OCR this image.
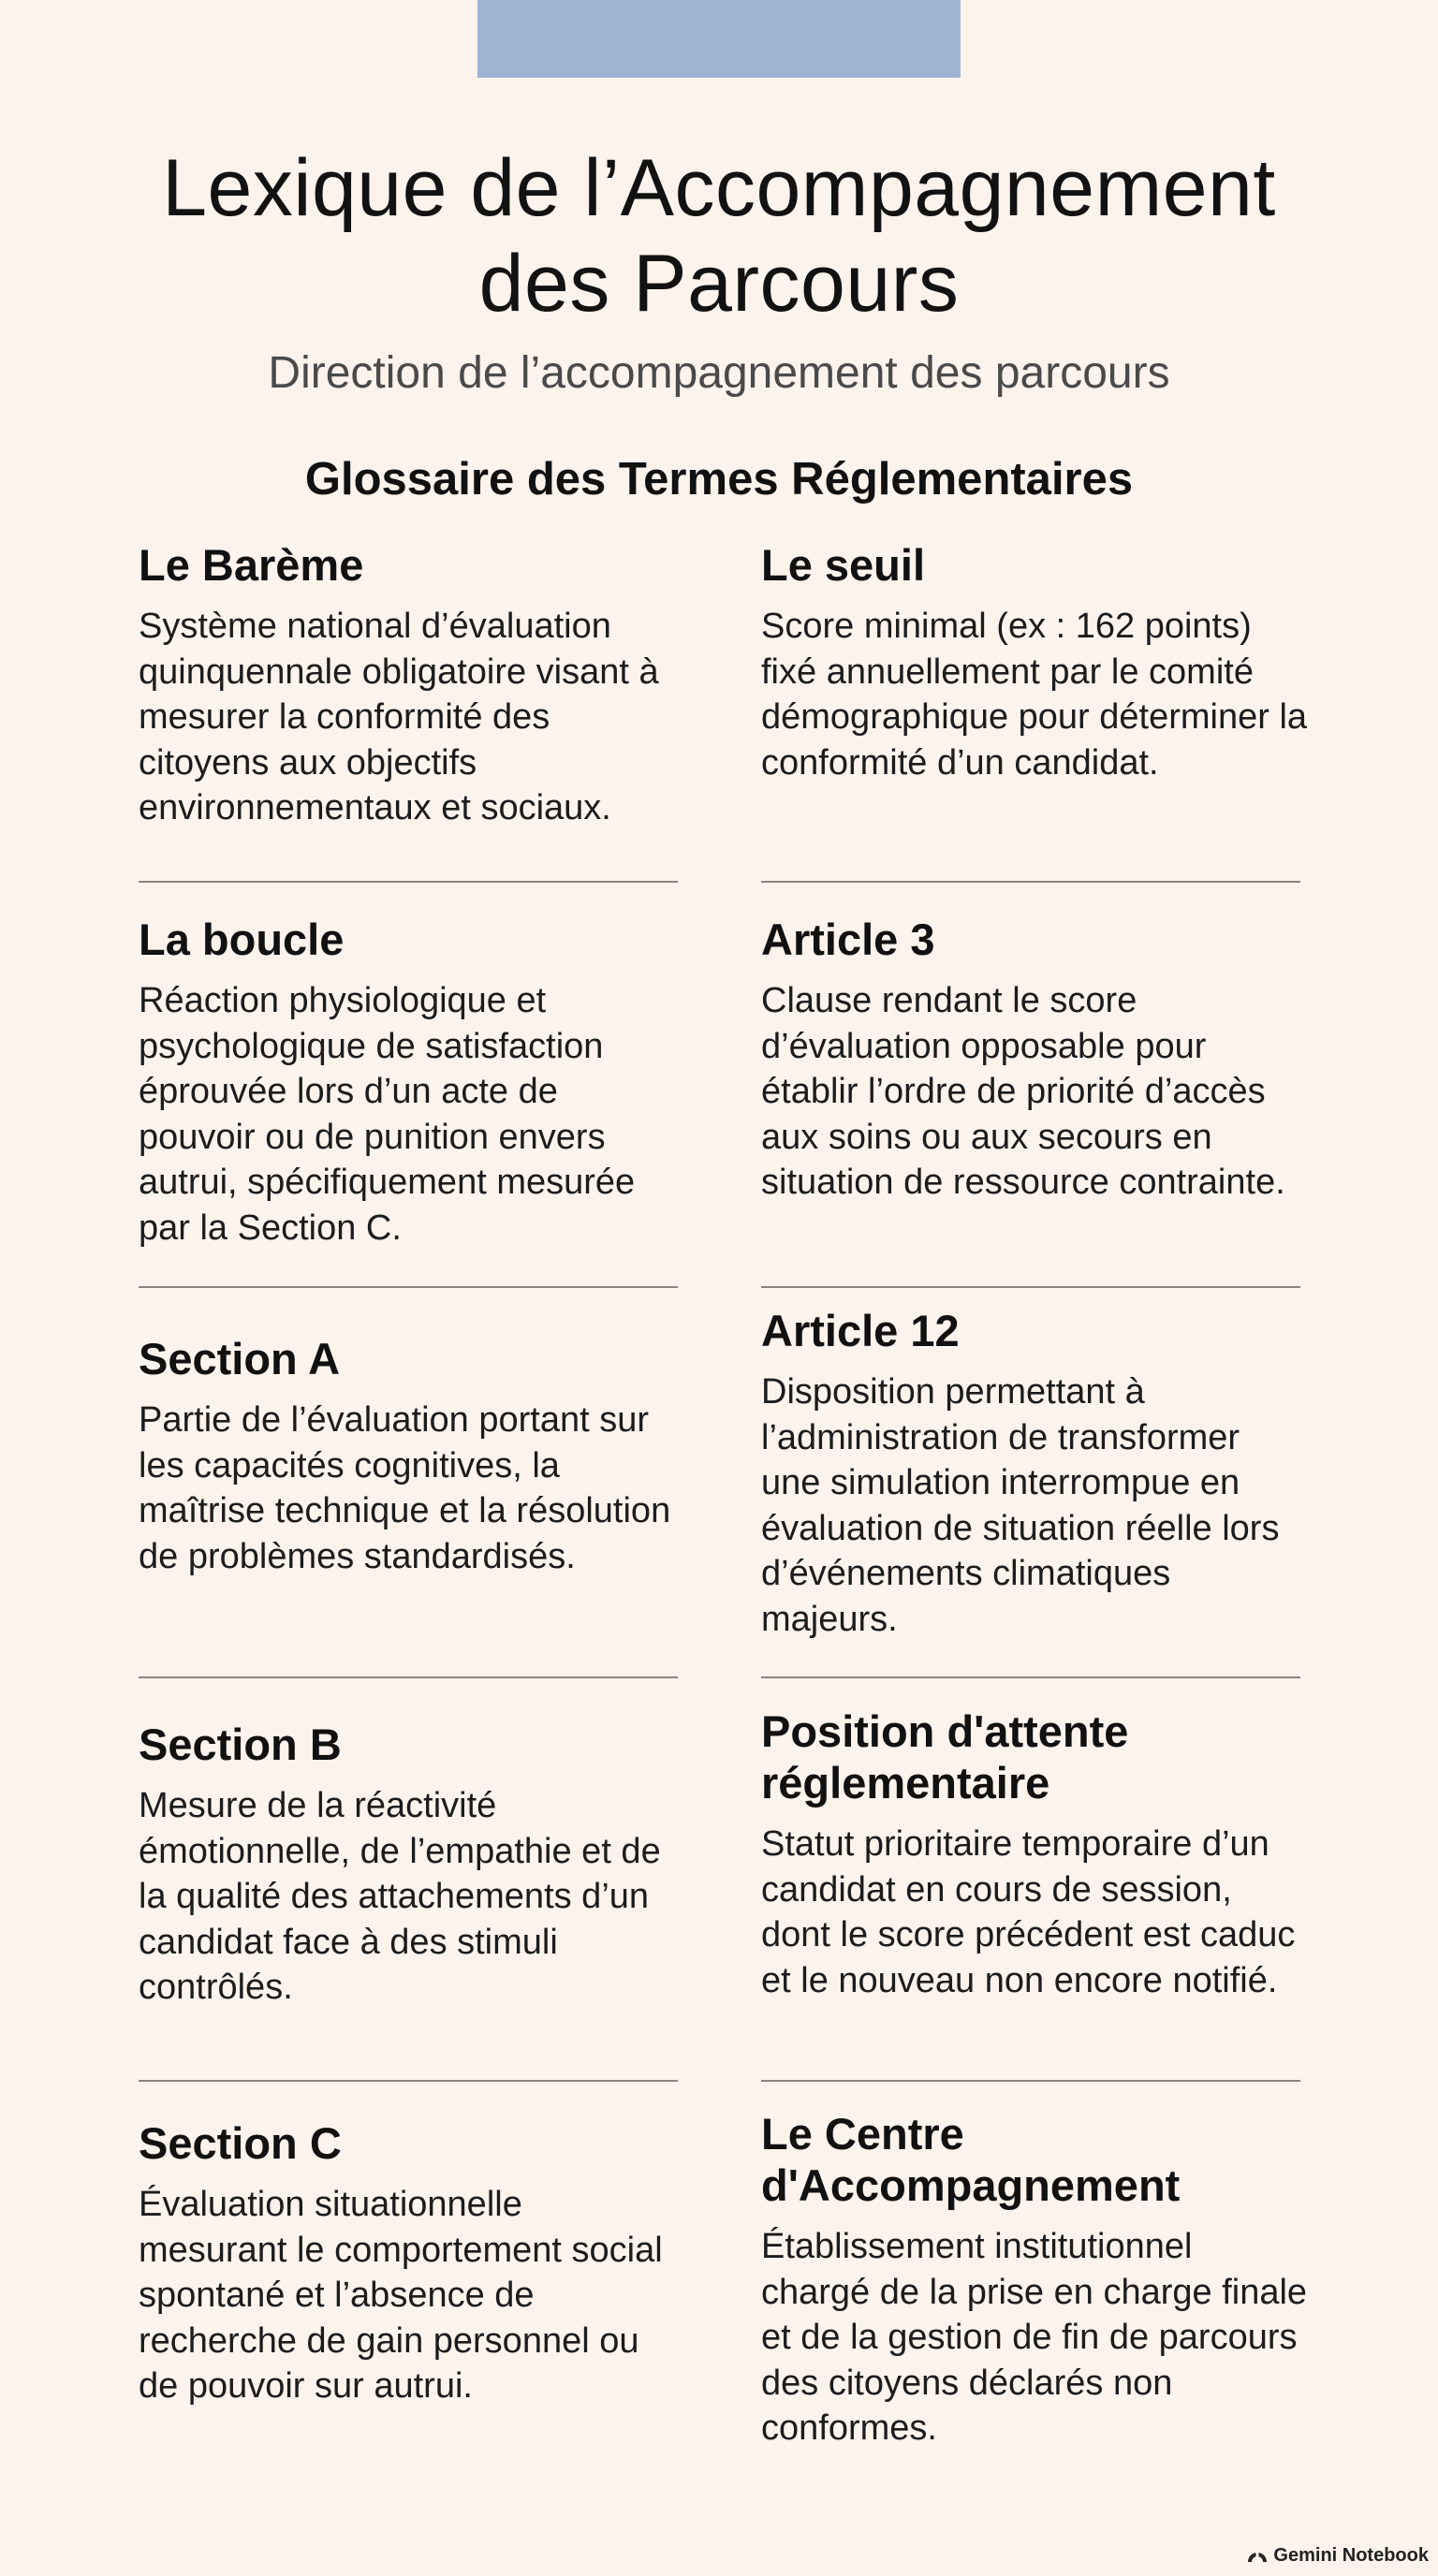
Lexique de l’Accompagnement
des Parcours

Direction de l’accompagnement des parcours

Glossaire des Termes Réglementaires
Le Barème

Système national d’évaluation quinquennale obligatoire visant à mesurer la conformité des citoyens aux objectifs environnementaux et sociaux.

La boucle

Réaction physiologique et psychologique de satisfaction éprouvée lors d’un acte de pouvoir ou de punition envers autrui, spécifiquement mesurée par la Section C.

Section A

Partie de l’évaluation portant sur les capacités cognitives, la maîtrise technique et la résolution de problèmes standardisés.

Section B

Mesure de la réactivité émotionnelle, de l’empathie et de la qualité des attachements d’un candidat face à des stimuli contrôlés.

Section C

Évaluation situationnelle mesurant le comportement social spontané et l’absence de recherche de gain personnel ou de pouvoir sur autrui.

Le seuil

Score minimal (ex : 162 points) fixé annuellement par le comité démographique pour déterminer la conformité d’un candidat.

Article 3

Clause rendant le score d’évaluation opposable pour établir l’ordre de priorité d’accès aux soins ou aux secours en situation de ressource contrainte.

Article 12

Disposition permettant à l’administration de transformer une simulation interrompue en évaluation de situation réelle lors d’événements climatiques majeurs.

Position d'attente réglementaire

Statut prioritaire temporaire d’un candidat en cours de session, dont le score précédent est caduc et le nouveau non encore notifié.

Le Centre d'Accompagnement

Établissement institutionnel chargé de la prise en charge finale et de la gestion de fin de parcours des citoyens déclarés non conformes.

Gemini Notebook
